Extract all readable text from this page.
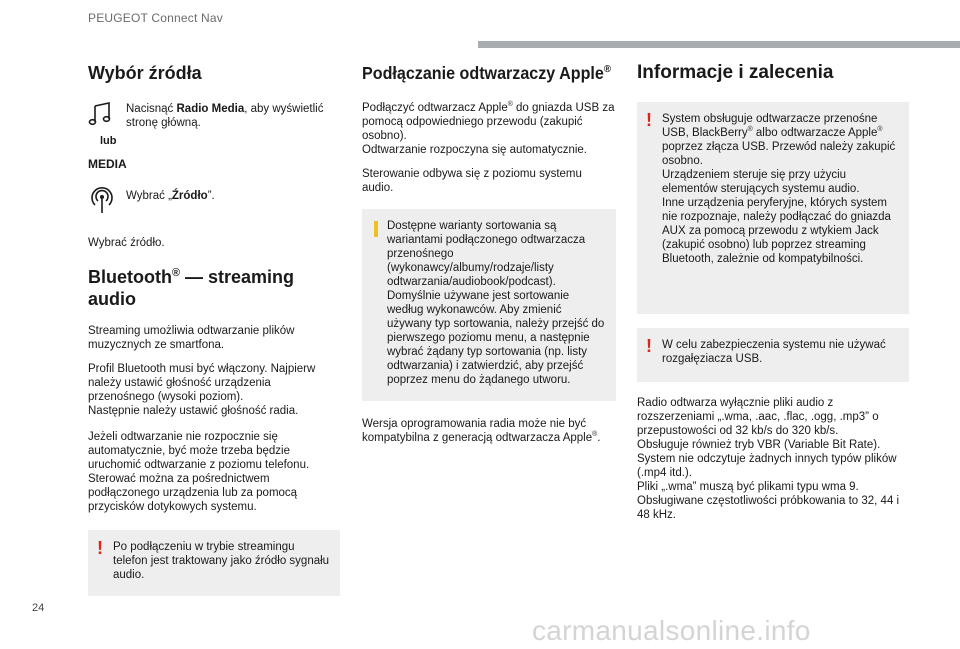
PEUGEOT Connect Nav
Wybór źródła
lub
Nacisnąć Radio Media, aby wyświetlić stronę główną.
MEDIA
Wybrać „Źródło”.

Wybrać źródło.

Bluetooth® — streaming audio

Streaming umożliwia odtwarzanie plików muzycznych ze smartfona.

Profil Bluetooth musi być włączony. Najpierw należy ustawić głośność urządzenia przenośnego (wysoki poziom).
Następnie należy ustawić głośność radia.

Jeżeli odtwarzanie nie rozpocznie się automatycznie, być może trzeba będzie uruchomić odtwarzanie z poziomu telefonu. Sterować można za pośrednictwem podłączonego urządzenia lub za pomocą przycisków dotykowych systemu.

! Po podłączeniu w trybie streamingu telefon jest traktowany jako źródło sygnału audio.
Podłączanie odtwarzaczy Apple®
Podłączyć odtwarzacz Apple® do gniazda USB za pomocą odpowiedniego przewodu (zakupić osobno).
Odtwarzanie rozpoczyna się automatycznie.

Sterowanie odbywa się z poziomu systemu audio.

Dostępne warianty sortowania są wariantami podłączonego odtwarzacza przenośnego (wykonawcy/albumy/rodzaje/listy odtwarzania/audiobook/podcast). Domyślnie używane jest sortowanie według wykonawców. Aby zmienić używany typ sortowania, należy przejść do pierwszego poziomu menu, a następnie wybrać żądany typ sortowania (np. listy odtwarzania) i zatwierdzić, aby przejść poprzez menu do żądanego utworu.
Wersja oprogramowania radia może nie być kompatybilna z generacją odtwarzacza Apple®.
Informacje i zalecenia
! System obsługuje odtwarzacze przenośne USB, BlackBerry® albo odtwarzacze Apple® poprzez złącza USB. Przewód należy zakupić osobno.
Urządzeniem steruje się przy użyciu elementów sterujących systemu audio.
Inne urządzenia peryferyjne, których system nie rozpoznaje, należy podłączać do gniazda AUX za pomocą przewodu z wtykiem Jack (zakupić osobno) lub poprzez streaming Bluetooth, zależnie od kompatybilności.
! W celu zabezpieczenia systemu nie używać rozgałęziacza USB.
Radio odtwarza wyłącznie pliki audio z rozszerzeniami „.wma, .aac, .flac, .ogg, .mp3” o przepustowości od 32 kb/s do 320 kb/s.
Obsługuje również tryb VBR (Variable Bit Rate).
System nie odczytuje żadnych innych typów plików (.mp4 itd.).
Pliki „.wma” muszą być plikami typu wma 9.
Obsługiwane częstotliwości próbkowania to 32, 44 i 48 kHz.
24
carmanualsonline.info
